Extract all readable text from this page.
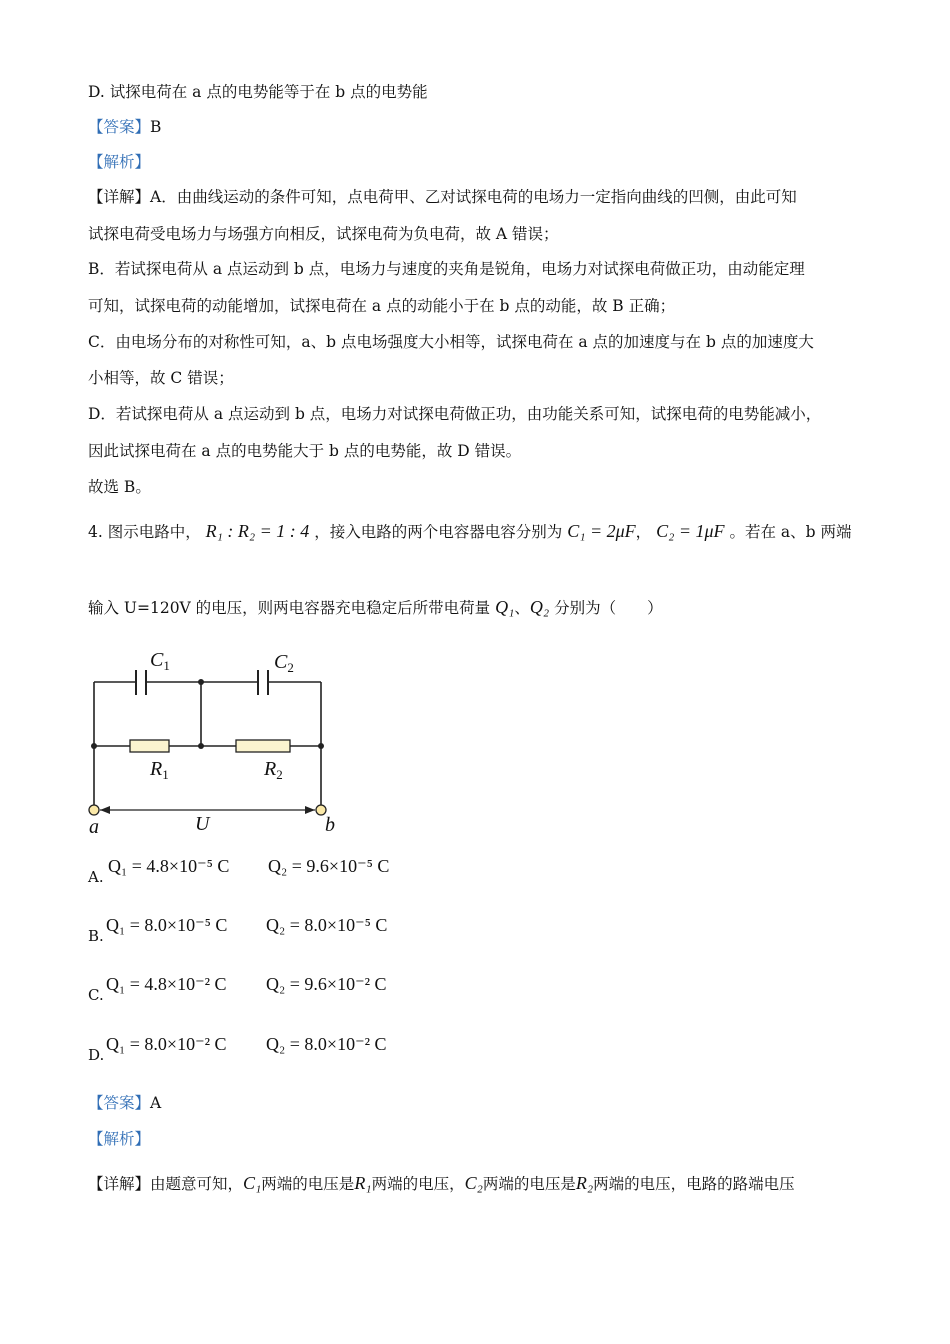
D. 试探电荷在 a 点的电势能等于在 b 点的电势能
【答案】B
【解析】
【详解】A．由曲线运动的条件可知，点电荷甲、乙对试探电荷的电场力一定指向曲线的凹侧，由此可知
试探电荷受电场力与场强方向相反，试探电荷为负电荷，故 A 错误；
B．若试探电荷从 a 点运动到 b 点，电场力与速度的夹角是锐角，电场力对试探电荷做正功，由动能定理
可知，试探电荷的动能增加，试探电荷在 a 点的动能小于在 b 点的动能，故 B 正确；
C．由电场分布的对称性可知，a、b 点电场强度大小相等，试探电荷在 a 点的加速度与在 b 点的加速度大
小相等，故 C 错误；
D．若试探电荷从 a 点运动到 b 点，电场力对试探电荷做正功，由功能关系可知，试探电荷的电势能减小，
因此试探电荷在 a 点的电势能大于 b 点的电势能，故 D 错误。
故选 B。
4. 图示电路中， R₁ : R₂ = 1 : 4 ，接入电路的两个电容器电容分别为 C₁ = 2μF， C₂ = 1μF 。若在 a、b 两端
输入 U=120V 的电压，则两电容器充电稳定后所带电荷量 Q₁、Q₂ 分别为（　　）
$C_1$	$C_2$
$R_1$	$R_2$
a	U	b
A.
Q₁ = 4.8×10⁻⁵ C Q₂ = 9.6×10⁻⁵ C
B.
Q₁ = 8.0×10⁻⁵ C Q₂ = 8.0×10⁻⁵ C
C.
Q₁ = 4.8×10⁻² C Q₂ = 9.6×10⁻² C
D.
Q₁ = 8.0×10⁻² C Q₂ = 8.0×10⁻² C
【答案】A
【解析】
【详解】由题意可知，C₁两端的电压是R₁两端的电压，C₂两端的电压是R₂两端的电压，电路的路端电压
